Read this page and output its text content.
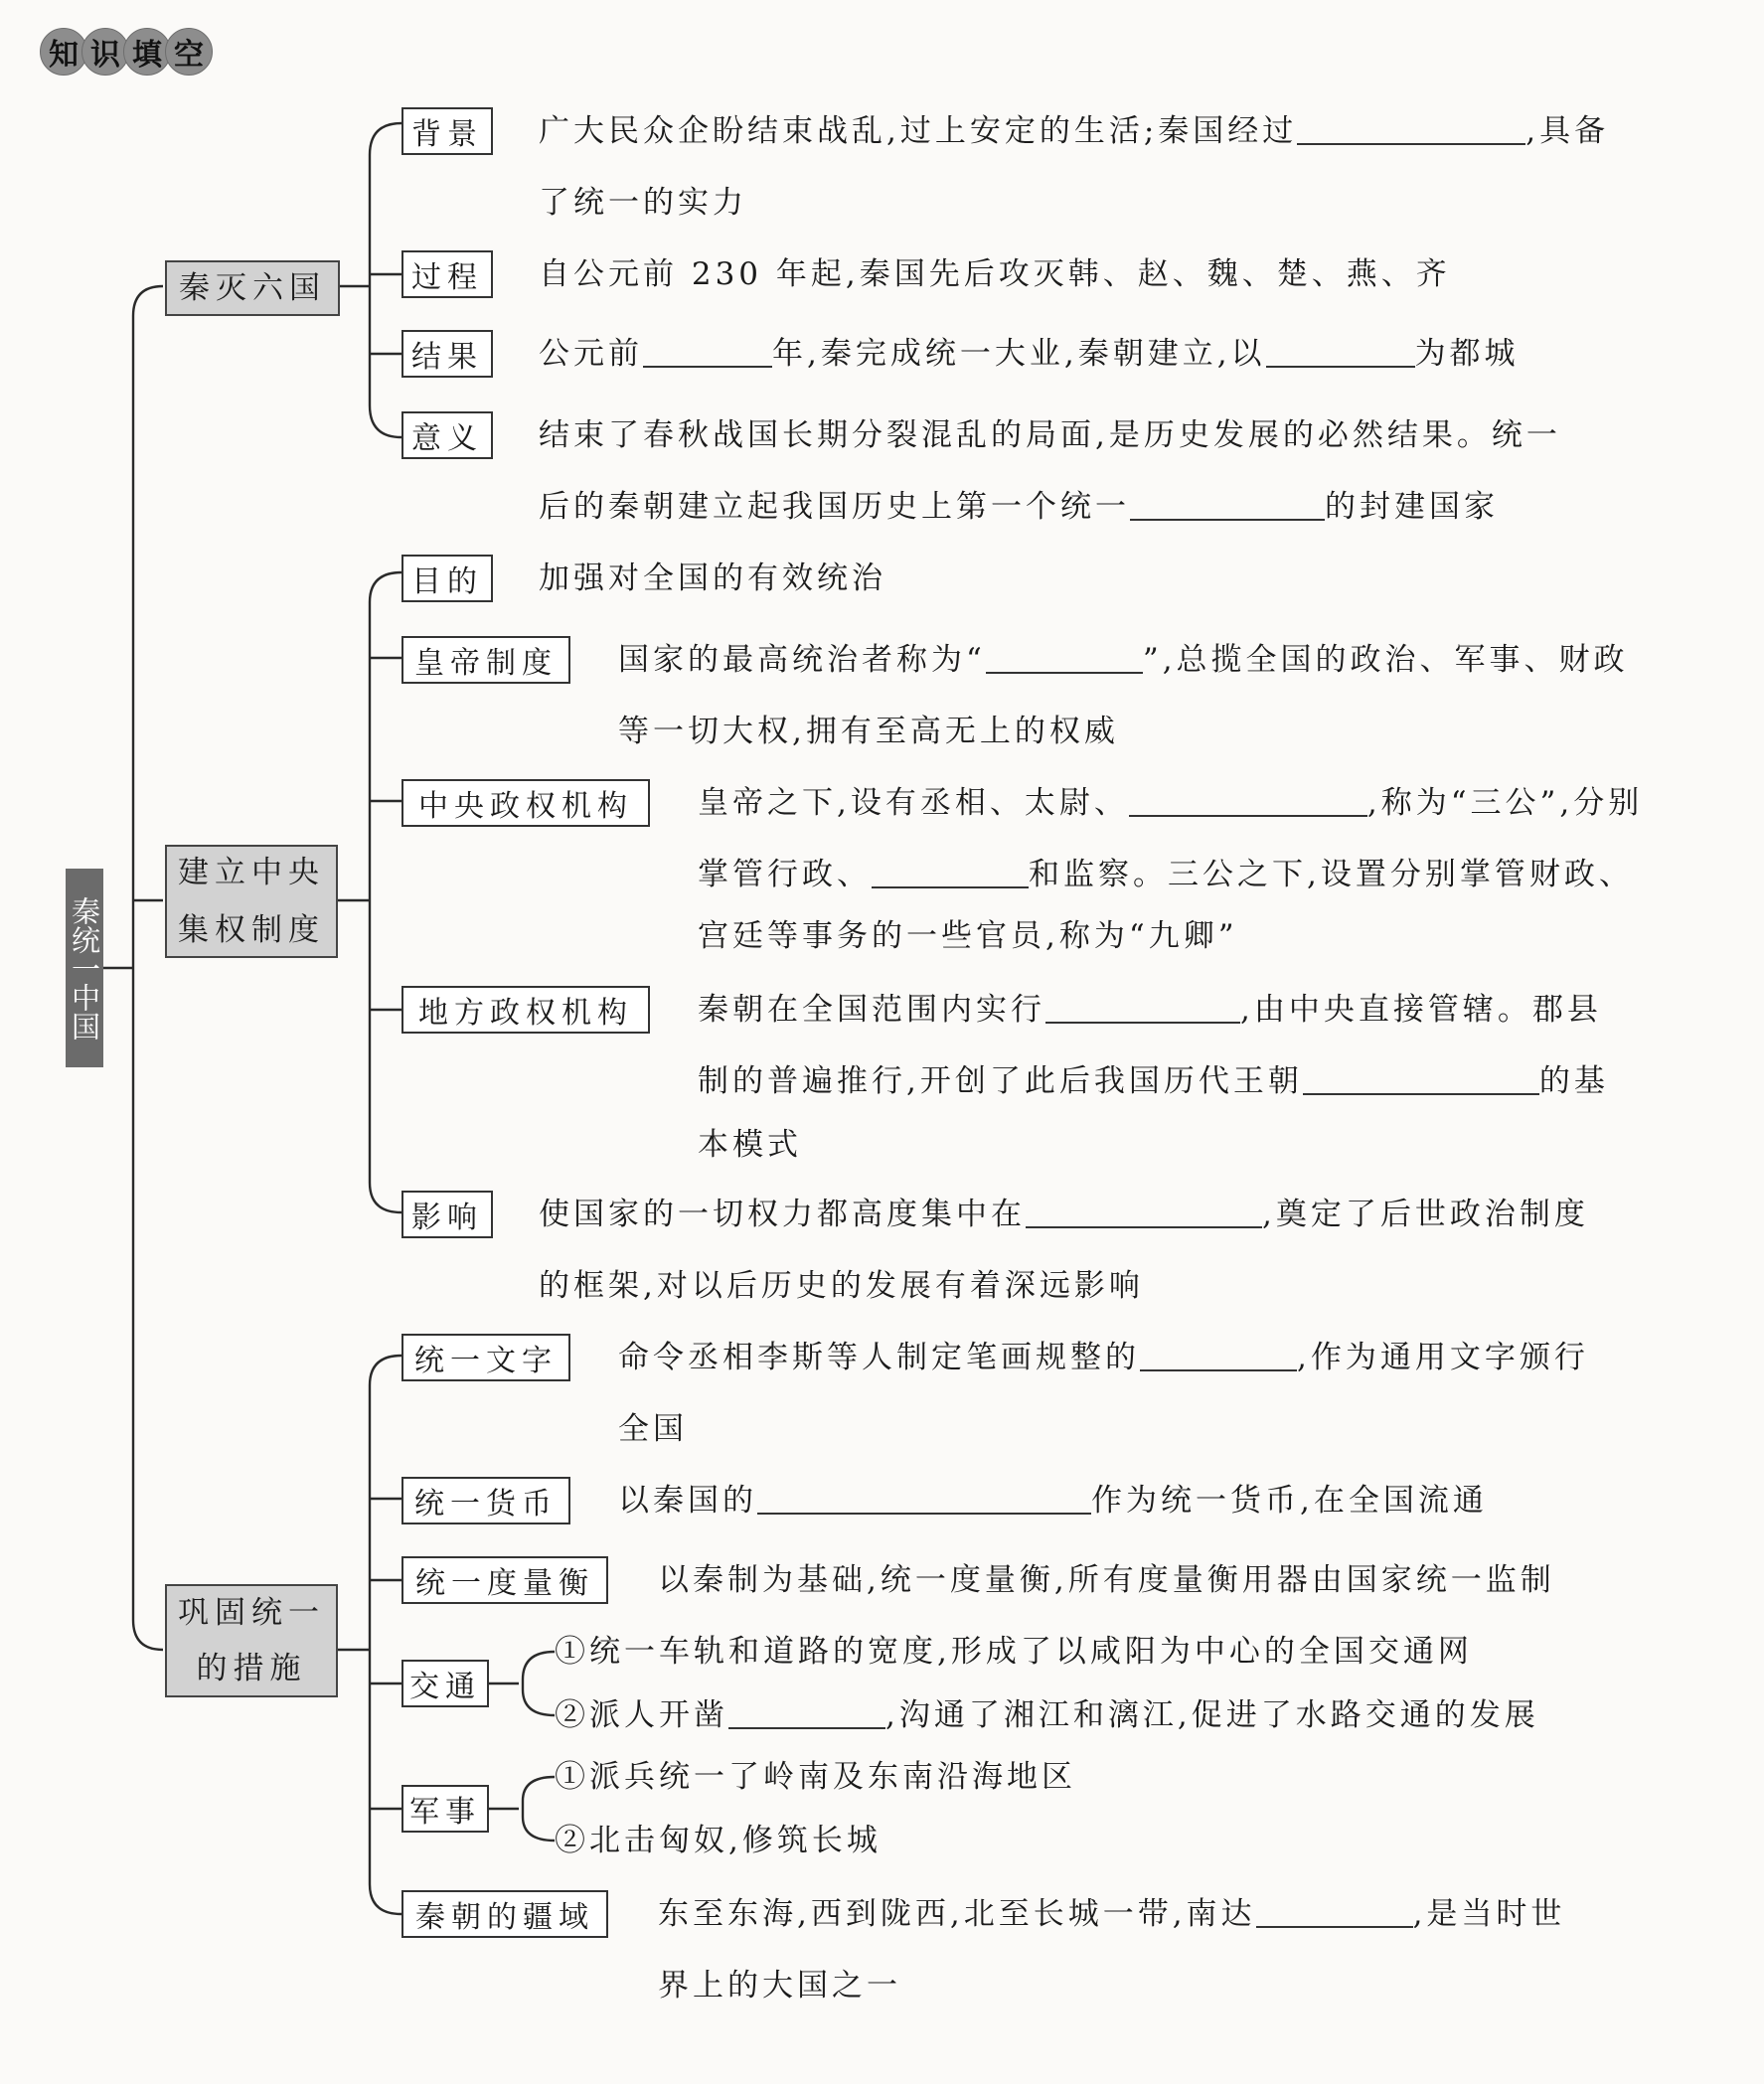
知 识 填 空
秦统一中国
秦灭六国
建立中央
集权制度
巩固统一
的措施
背景	广大民众企盼结束战乱,过上安定的生活;秦国经过	,具备
了统一的实力
过程	自公元前 230 年起,秦国先后攻灭韩、赵、魏、楚、燕、齐
结果	公元前	年,秦完成统一大业,秦朝建立,以	为都城
意义	结束了春秋战国长期分裂混乱的局面,是历史发展的必然结果。统一
后的秦朝建立起我国历史上第一个统一	的封建国家
目的	加强对全国的有效统治
皇帝制度	国家的最高统治者称为“	”,总揽全国的政治、军事、财政
等一切大权,拥有至高无上的权威
中央政权机构	皇帝之下,设有丞相、太尉、	,称为“三公”,分别
掌管行政、	和监察。三公之下,设置分别掌管财政、
宫廷等事务的一些官员,称为“九卿”
地方政权机构	秦朝在全国范围内实行	,由中央直接管辖。郡县
制的普遍推行,开创了此后我国历代王朝	的基
本模式
影响	使国家的一切权力都高度集中在	,奠定了后世政治制度
的框架,对以后历史的发展有着深远影响
统一文字	命令丞相李斯等人制定笔画规整的	,作为通用文字颁行
全国
统一货币	以秦国的	作为统一货币,在全国流通
统一度量衡	以秦制为基础,统一度量衡,所有度量衡用器由国家统一监制
交通
①统一车轨和道路的宽度,形成了以咸阳为中心的全国交通网
②派人开凿	,沟通了湘江和漓江,促进了水路交通的发展
军事
①派兵统一了岭南及东南沿海地区
②北击匈奴,修筑长城
秦朝的疆域	东至东海,西到陇西,北至长城一带,南达	,是当时世
界上的大国之一
